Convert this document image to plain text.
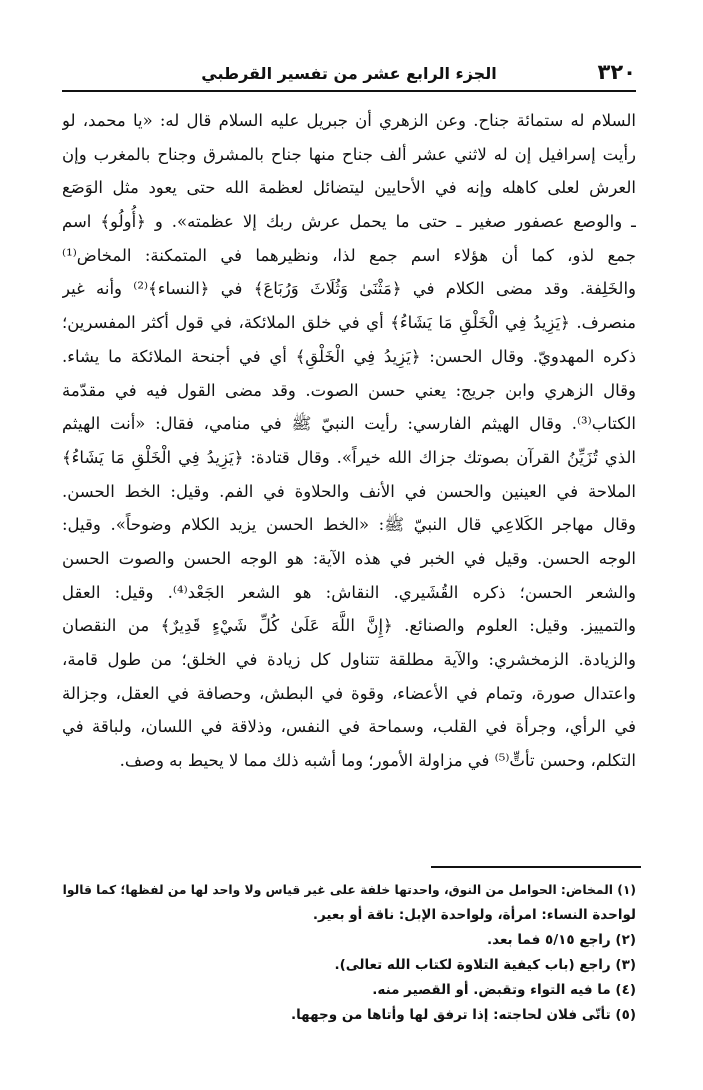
٣٢٠
الجزء الرابع عشر من تفسير القرطبي
السلام له ستمائة جناح. وعن الزهري أن جبريل عليه السلام قال له: «يا محمد، لو
رأيت إسرافيل إن له لاثني عشر ألف جناح منها جناح بالمشرق وجناح بالمغرب وإن
العرش لعلى كاهله وإنه في الأحايين ليتضائل لعظمة الله حتى يعود مثل الوَصَع
ـ والوصع عصفور صغير ـ حتى ما يحمل عرش ربك إلا عظمته». و ﴿أُولُو﴾ اسم
جمع لذو، كما أن هؤلاء اسم جمع لذا، ونظيرهما في المتمكنة: المخاض⁽¹⁾
والخَلِفة. وقد مضى الكلام في ﴿مَثْنَىٰ وَثُلَاثَ وَرُبَاعَ﴾ في ﴿النساء﴾⁽²⁾ وأنه غير
منصرف. ﴿يَزِيدُ فِي الْخَلْقِ مَا يَشَاءُ﴾ أي في خلق الملائكة، في قول أكثر المفسرين؛
ذكره المهدويّ. وقال الحسن: ﴿يَزِيدُ فِي الْخَلْقِ﴾ أي في أجنحة الملائكة ما يشاء.
وقال الزهري وابن جريج: يعني حسن الصوت. وقد مضى القول فيه في مقدّمة
الكتاب⁽³⁾. وقال الهيثم الفارسي: رأيت النبيّ ﷺ في منامي، فقال: «أنت الهيثم
الذي تُزَيِّنُ القرآن بصوتك جزاك الله خيراً». وقال قتادة: ﴿يَزِيدُ فِي الْخَلْقِ مَا يَشَاءُ﴾
الملاحة في العينين والحسن في الأنف والحلاوة في الفم. وقيل: الخط الحسن.
وقال مهاجر الكَلاعِي قال النبيّ ﷺ: «الخط الحسن يزيد الكلام وضوحاً». وقيل:
الوجه الحسن. وقيل في الخبر في هذه الآية: هو الوجه الحسن والصوت الحسن
والشعر الحسن؛ ذكره القُشَيري. النقاش: هو الشعر الجَعْد⁽⁴⁾. وقيل: العقل
والتمييز. وقيل: العلوم والصنائع. ﴿إِنَّ اللَّهَ عَلَىٰ كُلِّ شَيْءٍ قَدِيرٌ﴾ من النقصان
والزيادة. الزمخشري: والآية مطلقة تتناول كل زيادة في الخلق؛ من طول قامة،
واعتدال صورة، وتمام في الأعضاء، وقوة في البطش، وحصافة في العقل، وجزالة
في الرأي، وجرأة في القلب، وسماحة في النفس، وذلاقة في اللسان، ولباقة في
التكلم، وحسن تأتٍّ⁽⁵⁾ في مزاولة الأمور؛ وما أشبه ذلك مما لا يحيط به وصف.
(١) المخاض: الحوامل من النوق، واحدتها خلفة على غير قياس ولا واحد لها من لفظها؛ كما قالوا
لواحدة النساء: امرأة، ولواحدة الإبل: ناقة أو بعير.
(٢) راجع ٥/١٥ فما بعد.
(٣) راجع (باب كيفية التلاوة لكتاب الله تعالى).
(٤) ما فيه التواء وتقبض. أو القصير منه.
(٥) تأتّى فلان لحاجته: إذا ترفق لها وأتاها من وجهها.
